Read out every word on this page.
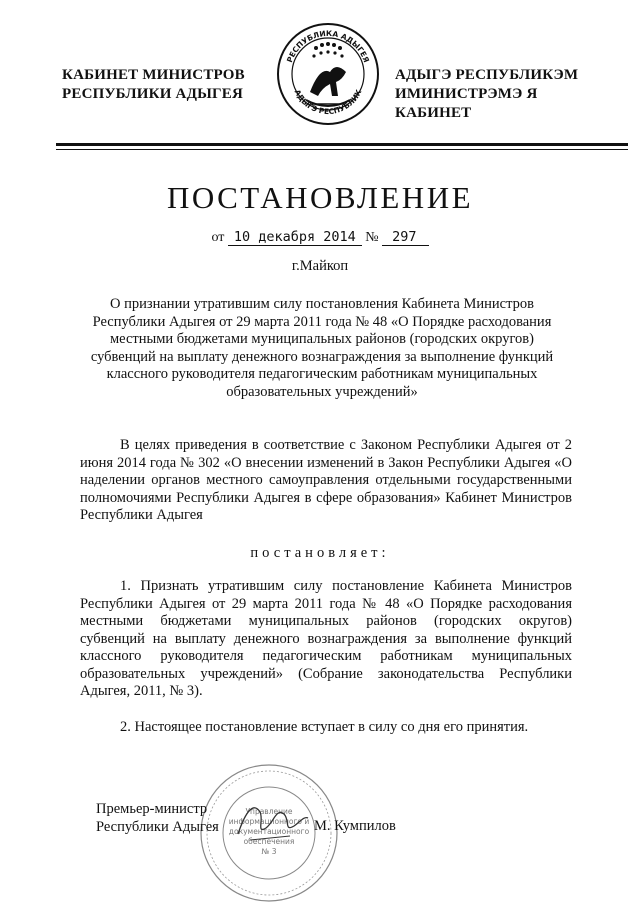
КАБИНЕТ МИНИСТРОВ
РЕСПУБЛИКИ АДЫГЕЯ
РЕСПУБЛИКА АДЫГЕЯ
АДЫГЭ РЕСПУБЛИК
АДЫГЭ РЕСПУБЛИКЭМ
ИМИНИСТРЭМЭ Я КАБИНЕТ
ПОСТАНОВЛЕНИЕ
от 10 декабря 2014 № 297
г.Майкоп
О признании утратившим силу постановления Кабинета Министров Республики Адыгея от 29 марта 2011 года № 48 «О Порядке расходования местными бюджетами муниципальных районов (городских округов) субвенций на выплату денежного вознаграждения за выполнение функций классного руководителя педагогическим работникам муниципальных образовательных учреждений»
В целях приведения в соответствие с Законом Республики Адыгея от 2 июня 2014 года № 302 «О внесении изменений в Закон Республики Адыгея «О наделении органов местного самоуправления отдельными государственными полномочиями Республики Адыгея в сфере образования» Кабинет Министров Республики Адыгея
постановляет:
1. Признать утратившим силу постановление Кабинета Министров Республики Адыгея от 29 марта 2011 года № 48 «О Порядке расходования местными бюджетами муниципальных районов (городских округов) субвенций на выплату денежного вознаграждения за выполнение функций классного руководителя педагогическим работникам муниципальных образовательных учреждений» (Собрание законодательства Республики Адыгея, 2011, № 3).
2. Настоящее постановление вступает в силу со дня его принятия.
Управление
информационного и
документационного
обеспечения
№ 3
Премьер-министр
Республики Адыгея	М. Кумпилов
